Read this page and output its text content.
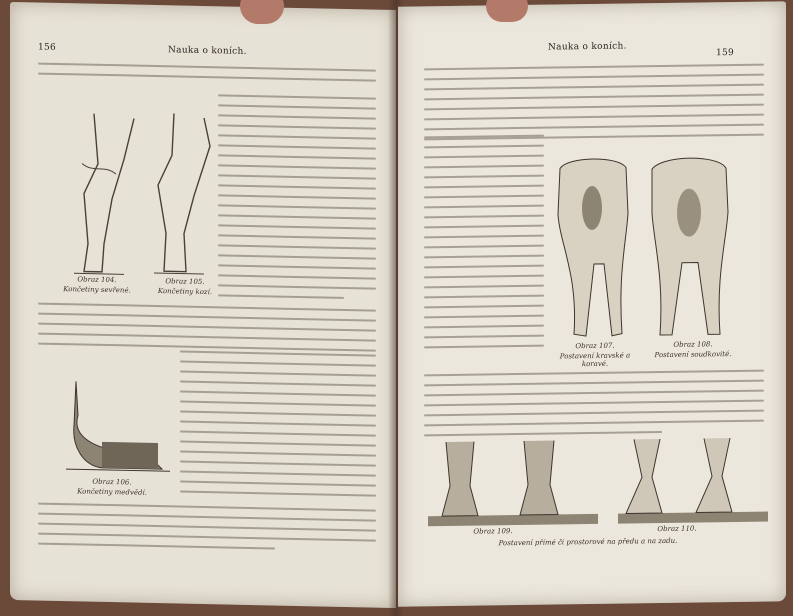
156	Nauka o koních.
Obraz 104.
Končetiny sevřené.
Obraz 105.
Končetiny kozí.
Obraz 106.
Končetiny medvědí.
Nauka o koních.
159
Obraz 107.
Postavení kravské a koravé.
Obraz 108.
Postavení soudkovité.
Obraz 109.	Obraz 110.
Postavení přímé či prostorové na předu a na zadu.
